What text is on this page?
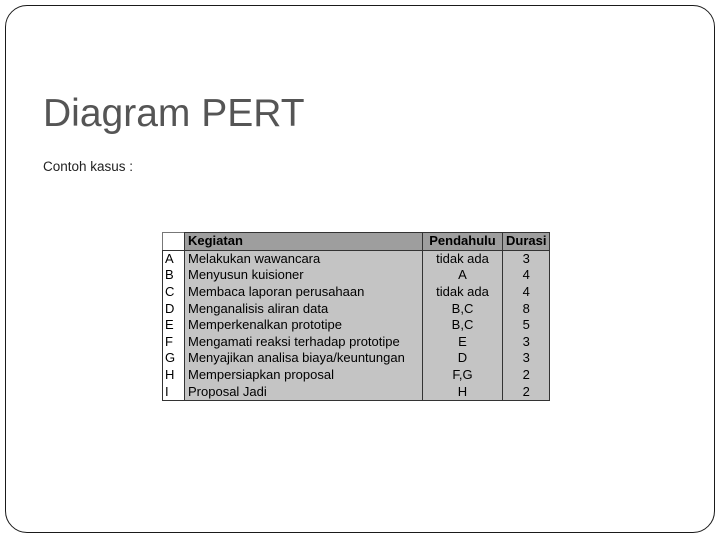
Diagram PERT
Contoh kasus :
	Kegiatan	Pendahulu	Durasi
A	Melakukan wawancara	tidak ada	3
B	Menyusun kuisioner	A	4
C	Membaca laporan perusahaan	tidak ada	4
D	Menganalisis aliran data	B,C	8
E	Memperkenalkan prototipe	B,C	5
F	Mengamati reaksi terhadap prototipe	E	3
G	Menyajikan analisa biaya/keuntungan	D	3
H	Mempersiapkan proposal	F,G	2
I	Proposal Jadi	H	2
